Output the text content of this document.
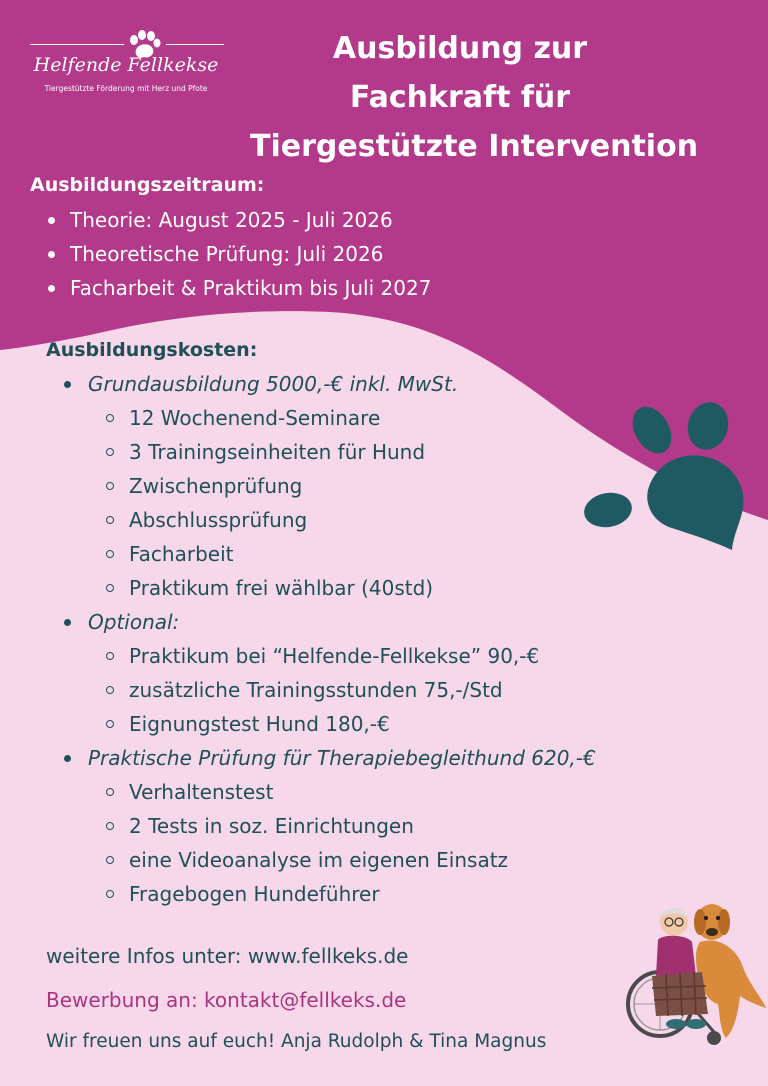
Helfende Fellkekse
Tiergestützte Förderung mit Herz und Pfote
Ausbildung zur
Fachkraft für
Tiergestützte Intervention
Ausbildungszeitraum:
Theorie: August 2025 - Juli 2026
Theoretische Prüfung: Juli 2026
Facharbeit & Praktikum bis Juli 2027
Ausbildungskosten:
Grundausbildung 5000,-€ inkl. MwSt.
12 Wochenend-Seminare
3 Trainingseinheiten für Hund
Zwischenprüfung
Abschlussprüfung
Facharbeit
Praktikum frei wählbar (40std)
Optional:
Praktikum bei “Helfende-Fellkekse” 90,-€
zusätzliche Trainingsstunden 75,-/Std
Eignungstest Hund 180,-€
Praktische Prüfung für Therapiebegleithund 620,-€
Verhaltenstest
2 Tests in soz. Einrichtungen
eine Videoanalyse im eigenen Einsatz
Fragebogen Hundeführer
weitere Infos unter: www.fellkeks.de
Bewerbung an: kontakt@fellkeks.de
Wir freuen uns auf euch! Anja Rudolph & Tina Magnus
